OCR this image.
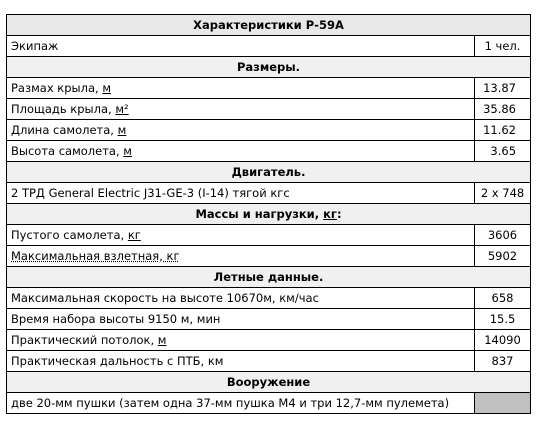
Характеристики Р-59А	
Экипаж	1 чел.
Размеры.	
Размах крыла, м	13.87
Площадь крыла, м²	35.86
Длина самолета, м	11.62
Высота самолета, м	3.65
Двигатель.	
2 ТРД General Electric J31-GE-3 (I-14) тягой кгс	2 х 748
Массы и нагрузки, кг:	
Пустого самолета, кг	3606
Максимальная взлетная, кг	5902
Летные данные.	
Максимальная скорость на высоте 10670м, км/час	658
Время набора высоты 9150 м, мин	15.5
Практический потолок, м	14090
Практическая дальность с ПТБ, км	837
Вооружение	
две 20-мм пушки (затем одна 37-мм пушка М4 и три 12,7-мм пулемета)	
